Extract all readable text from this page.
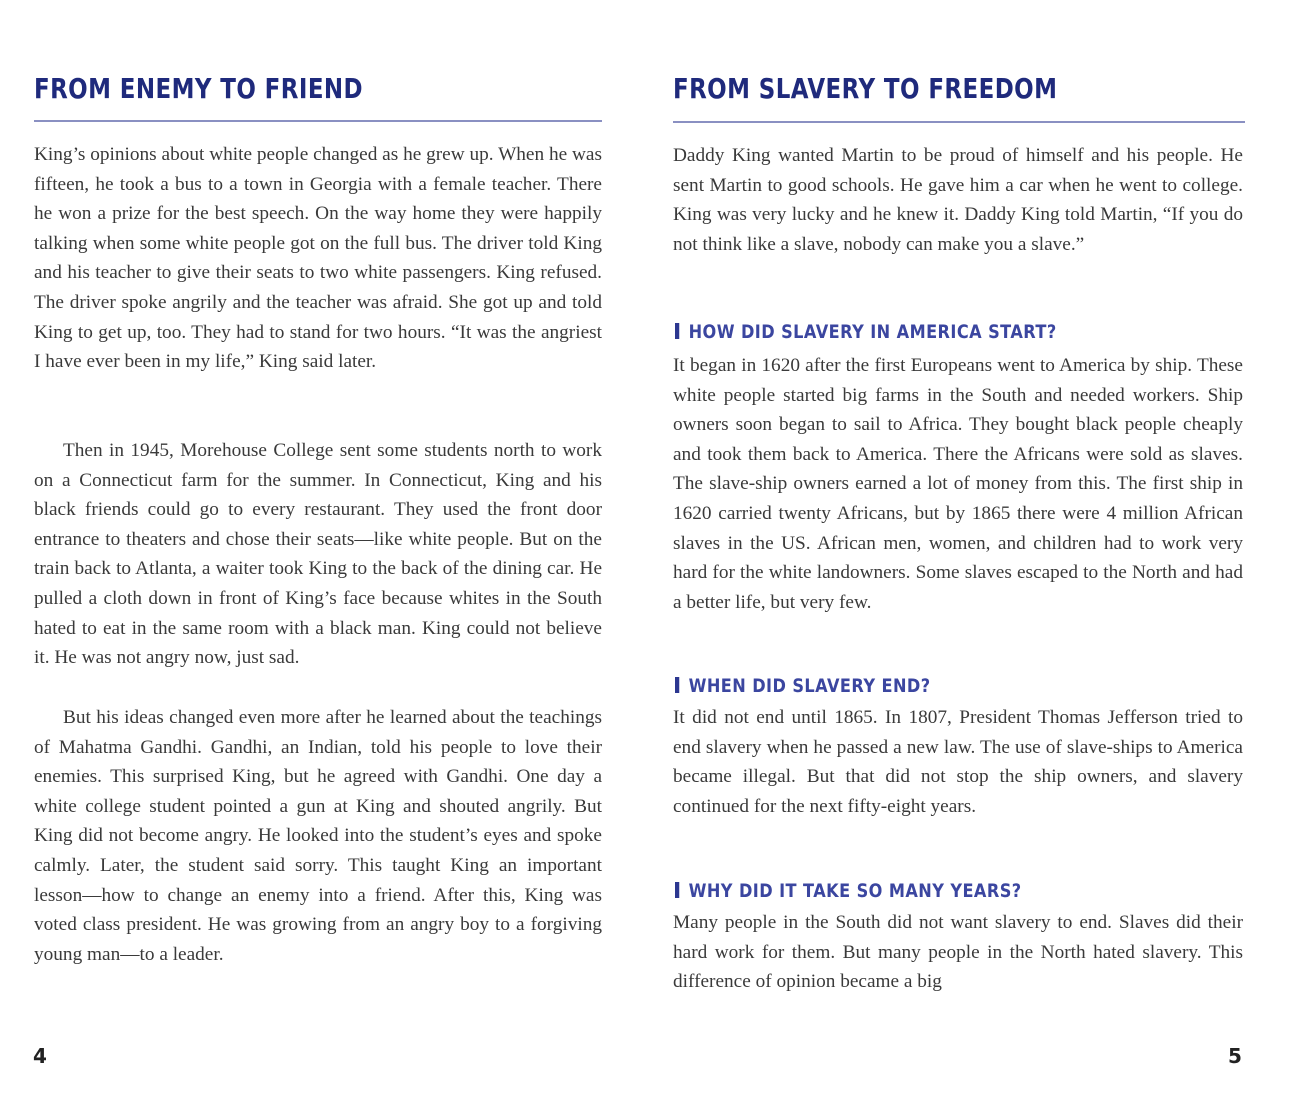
FROM ENEMY TO FRIEND

King’s opinions about white people changed as he grew up. When he was fifteen, he took a bus to a town in Georgia with a female teacher. There he won a prize for the best speech. On the way home they were happily talking when some white people got on the full bus. The driver told King and his teacher to give their seats to two white passengers. King refused. The driver spoke angrily and the teacher was afraid. She got up and told King to get up, too. They had to stand for two hours. “It was the angriest I have ever been in my life,” King said later.

Then in 1945, Morehouse College sent some students north to work on a Connecticut farm for the summer. In Connecticut, King and his black friends could go to every restaurant. They used the front door entrance to theaters and chose their seats—like white people. But on the train back to Atlanta, a waiter took King to the back of the dining car. He pulled a cloth down in front of King’s face because whites in the South hated to eat in the same room with a black man. King could not believe it. He was not angry now, just sad.

But his ideas changed even more after he learned about the teachings of Mahatma Gandhi. Gandhi, an Indian, told his people to love their enemies. This surprised King, but he agreed with Gandhi. One day a white college student pointed a gun at King and shouted angrily. But King did not become angry. He looked into the student’s eyes and spoke calmly. Later, the student said sorry. This taught King an important lesson—how to change an enemy into a friend. After this, King was voted class president. He was growing from an angry boy to a forgiving young man—to a leader.

4

FROM SLAVERY TO FREEDOM

Daddy King wanted Martin to be proud of himself and his people. He sent Martin to good schools. He gave him a car when he went to college. King was very lucky and he knew it. Daddy King told Martin, “If you do not think like a slave, nobody can make you a slave.”

HOW DID SLAVERY IN AMERICA START?

It began in 1620 after the first Europeans went to America by ship. These white people started big farms in the South and needed workers. Ship owners soon began to sail to Africa. They bought black people cheaply and took them back to America. There the Africans were sold as slaves. The slave-ship owners earned a lot of money from this. The first ship in 1620 carried twenty Africans, but by 1865 there were 4 million African slaves in the US. African men, women, and children had to work very hard for the white landowners. Some slaves escaped to the North and had a better life, but very few.

WHEN DID SLAVERY END?

It did not end until 1865. In 1807, President Thomas Jefferson tried to end slavery when he passed a new law. The use of slave-ships to America became illegal. But that did not stop the ship owners, and slavery continued for the next fifty-eight years.

WHY DID IT TAKE SO MANY YEARS?

Many people in the South did not want slavery to end. Slaves did their hard work for them. But many people in the North hated slavery. This difference of opinion became a big

5
